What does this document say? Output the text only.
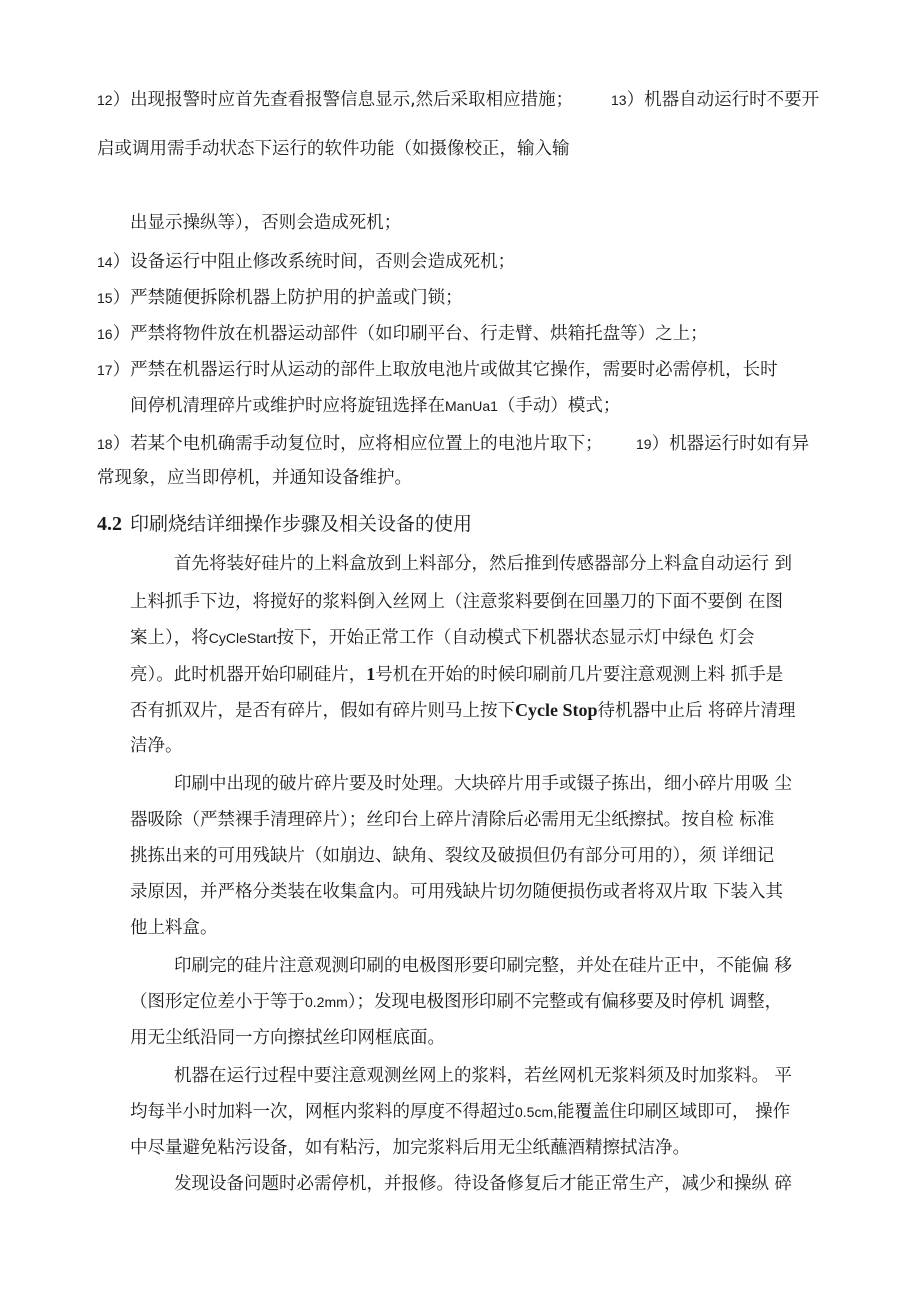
12）出现报警时应首先查看报警信息显示,然后采取相应措施；	13）机器自动运行时不要开
启或调用需手动状态下运行的软件功能（如摄像校正，输入输
出显示操纵等），否则会造成死机；
14）设备运行中阻止修改系统时间，否则会造成死机；
15）严禁随便拆除机器上防护用的护盖或门锁；
16）严禁将物件放在机器运动部件（如印刷平台、行走臂、烘箱托盘等）之上；
17）严禁在机器运行时从运动的部件上取放电池片或做其它操作，需要时必需停机，长时
间停机清理碎片或维护时应将旋钮选择在ManUa1（手动）模式；
18）若某个电机确需手动复位时，应将相应位置上的电池片取下； 19）机器运行时如有异
常现象，应当即停机，并通知设备维护。
4.2 印刷烧结详细操作步骤及相关设备的使用
首先将装好硅片的上料盒放到上料部分，然后推到传感器部分上料盒自动运行 到
上料抓手下边，将搅好的浆料倒入丝网上（注意浆料要倒在回墨刀的下面不要倒 在图
案上），将CyCleStart按下，开始正常工作（自动模式下机器状态显示灯中绿色 灯会
亮）。此时机器开始印刷硅片，1号机在开始的时候印刷前几片要注意观测上料 抓手是
否有抓双片，是否有碎片，假如有碎片则马上按下Cycle Stop待机器中止后 将碎片清理
洁净。
印刷中出现的破片碎片要及时处理。大块碎片用手或镊子拣出，细小碎片用吸 尘
器吸除（严禁裸手清理碎片）；丝印台上碎片清除后必需用无尘纸擦拭。按自检 标准
挑拣出来的可用残缺片（如崩边、缺角、裂纹及破损但仍有部分可用的），须 详细记
录原因，并严格分类装在收集盒内。可用残缺片切勿随便损伤或者将双片取 下装入其
他上料盒。
印刷完的硅片注意观测印刷的电极图形要印刷完整，并处在硅片正中，不能偏 移
（图形定位差小于等于0.2mm）；发现电极图形印刷不完整或有偏移要及时停机 调整，
用无尘纸沿同一方向擦拭丝印网框底面。
机器在运行过程中要注意观测丝网上的浆料，若丝网机无浆料须及时加浆料。 平
均每半小时加料一次，网框内浆料的厚度不得超过0.5cm,能覆盖住印刷区域即可， 操作
中尽量避免粘污设备，如有粘污，加完浆料后用无尘纸蘸酒精擦拭洁净。
发现设备问题时必需停机，并报修。待设备修复后才能正常生产，减少和操纵 碎
